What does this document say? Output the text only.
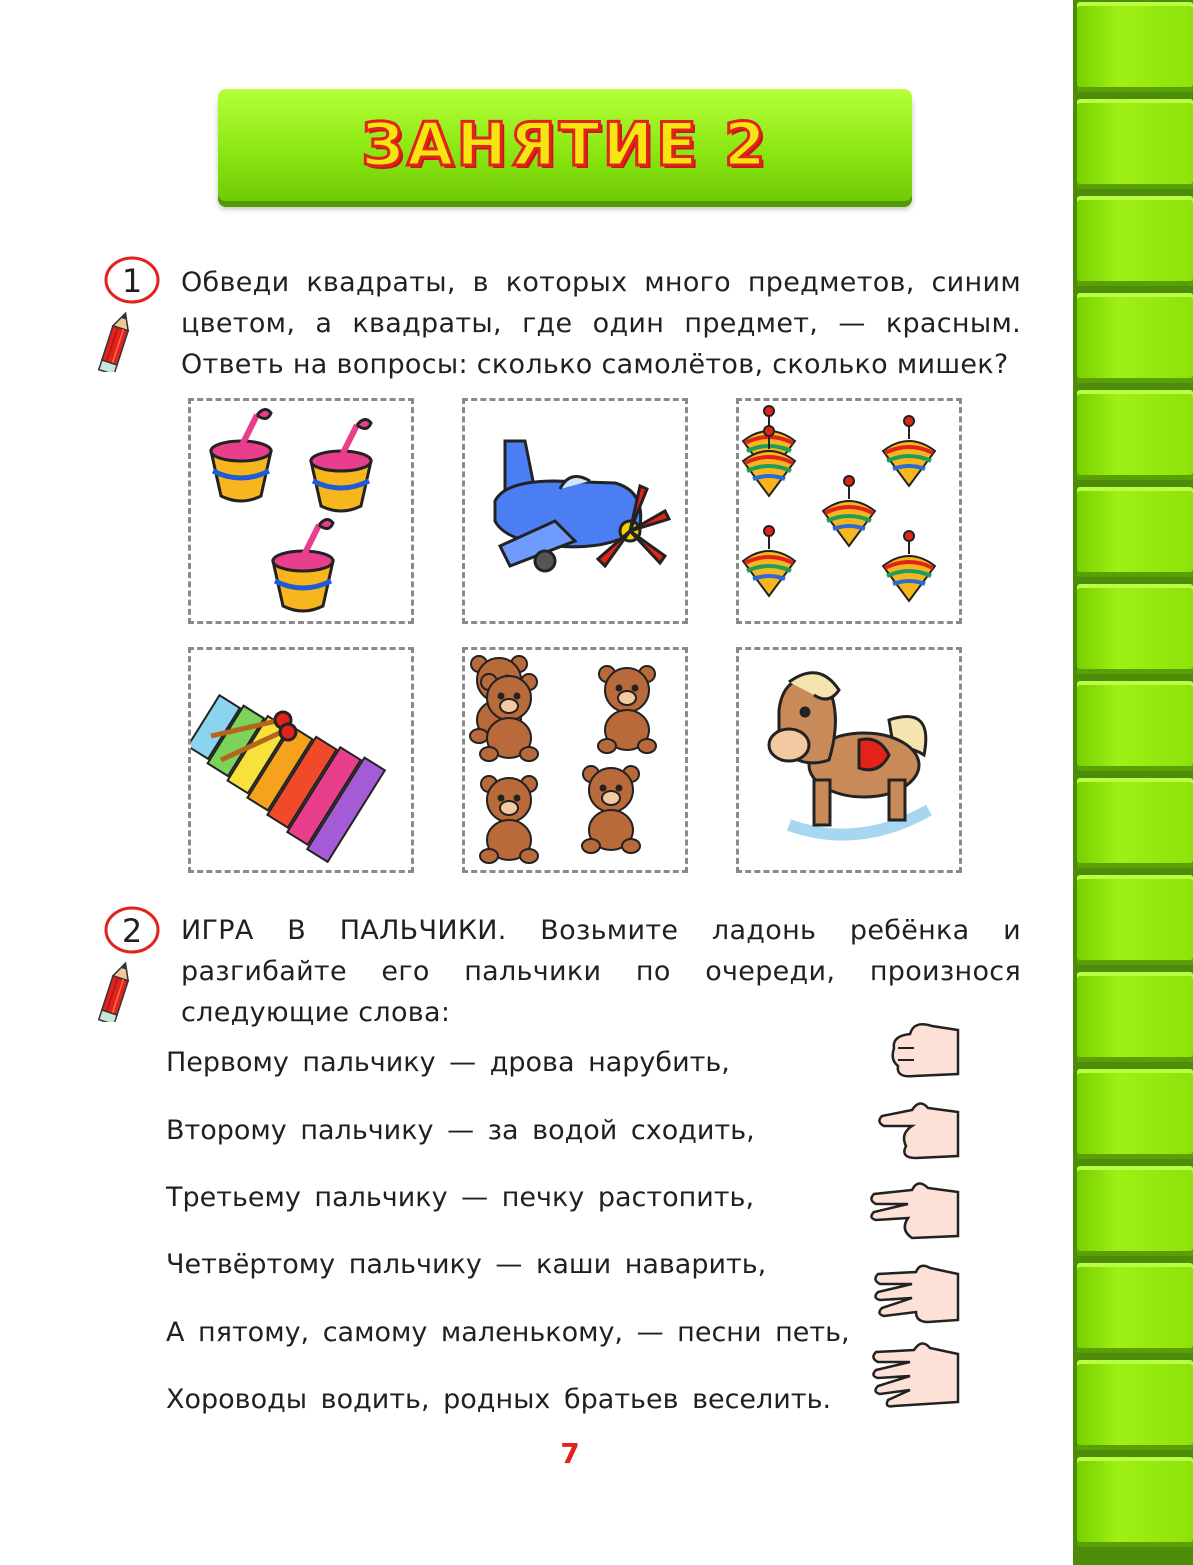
ЗАНЯТИЕ 2
1 Обведи квадраты, в которых много предметов, синим цветом, а квадраты, где один предмет, — красным. Ответь на вопросы: сколько самолётов, сколько мишек?
2 ИГРА В ПАЛЬЧИКИ. Возьмите ладонь ребёнка и разгибайте его пальчики по очереди, произнося следующие слова:
Первому пальчику — дрова нарубить,
Второму пальчику — за водой сходить,
Третьему пальчику — печку растопить,
Четвёртому пальчику — каши наварить,
А пятому, самому маленькому, — песни петь,
Хороводы водить, родных братьев веселить.
7
